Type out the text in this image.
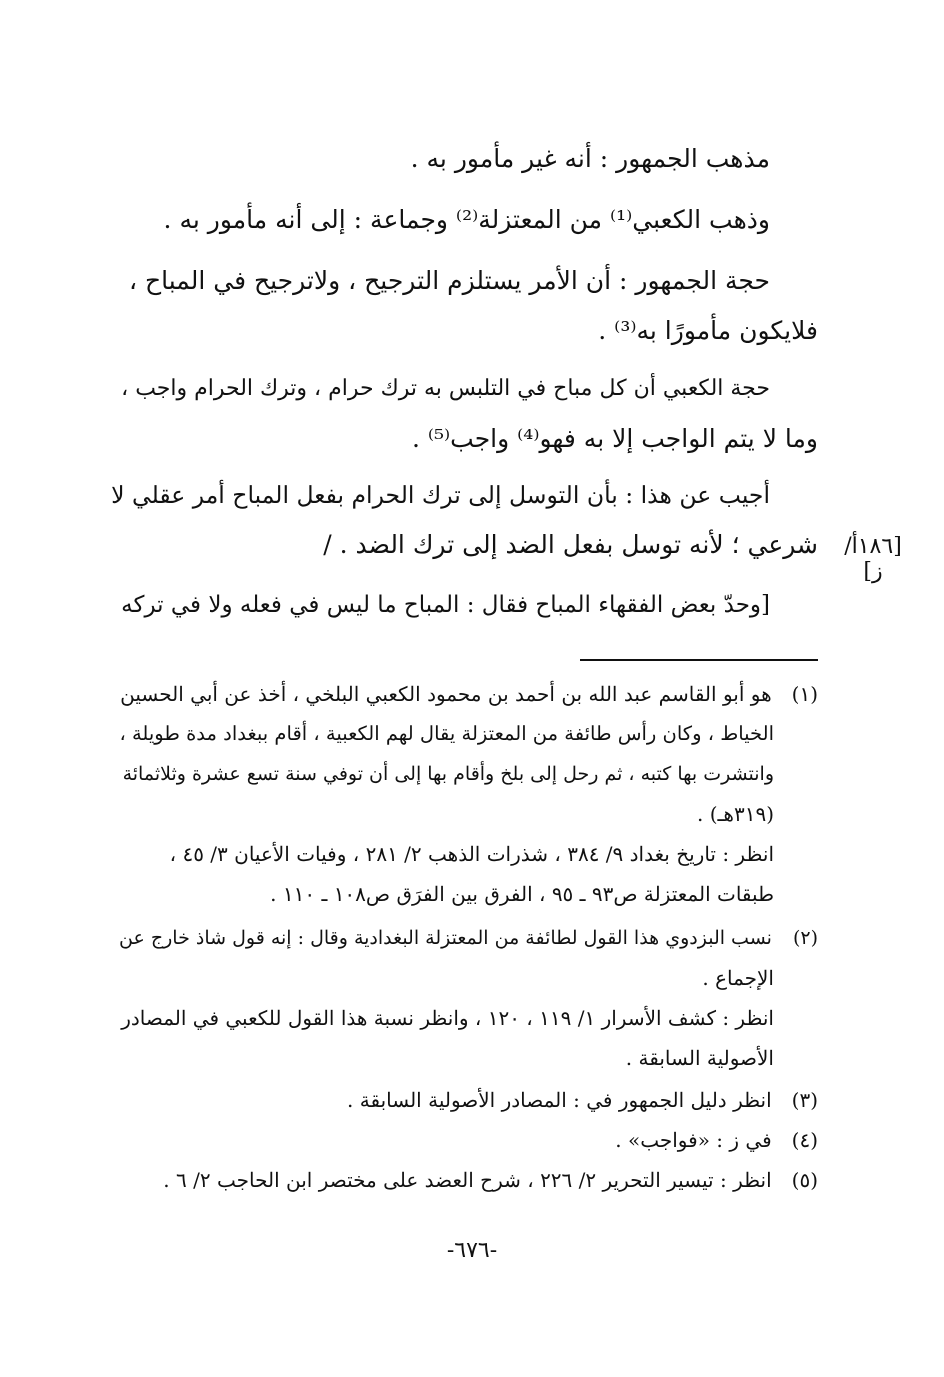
مذهب الجمهور : أنه غير مأمور به .
وذهب الكعبي⁽¹⁾ من المعتزلة⁽²⁾ وجماعة : إلى أنه مأمور به .
حجة الجمهور : أن الأمر يستلزم الترجيح ، ولاترجيح في المباح ،
فلايكون مأمورًا به⁽³⁾ .
حجة الكعبي أن كل مباح في التلبس به ترك حرام ، وترك الحرام واجب ،
وما لا يتم الواجب إلا به فهو⁽⁴⁾ واجب⁽⁵⁾ .
أجيب عن هذا : بأن التوسل إلى ترك الحرام بفعل المباح أمر عقلي لا
شرعي ؛ لأنه توسل بفعل الضد إلى ترك الضد . / [١٨٦أ/ز]
[وحدّ بعض الفقهاء المباح فقال : المباح ما ليس في فعله ولا في تركه
(١) هو أبو القاسم عبد الله بن أحمد بن محمود الكعبي البلخي ، أخذ عن أبي الحسين
الخياط ، وكان رأس طائفة من المعتزلة يقال لهم الكعبية ، أقام ببغداد مدة طويلة ،
وانتشرت بها كتبه ، ثم رحل إلى بلخ وأقام بها إلى أن توفي سنة تسع عشرة وثلاثمائة
(٣١٩هـ) .
انظر : تاريخ بغداد ٩/ ٣٨٤ ، شذرات الذهب ٢/ ٢٨١ ، وفيات الأعيان ٣/ ٤٥ ،
طبقات المعتزلة ص٩٣ ـ ٩٥ ، الفرق بين الفرَق ص١٠٨ ـ ١١٠ .
(٢) نسب البزدوي هذا القول لطائفة من المعتزلة البغدادية وقال : إنه قول شاذ خارج عن
الإجماع .
انظر : كشف الأسرار ١/ ١١٩ ، ١٢٠ ، وانظر نسبة هذا القول للكعبي في المصادر
الأصولية السابقة .
(٣) انظر دليل الجمهور في : المصادر الأصولية السابقة .
(٤) في ز : «فواجب» .
(٥) انظر : تيسير التحرير ٢/ ٢٢٦ ، شرح العضد على مختصر ابن الحاجب ٢/ ٦ .
-٦٧٦-
